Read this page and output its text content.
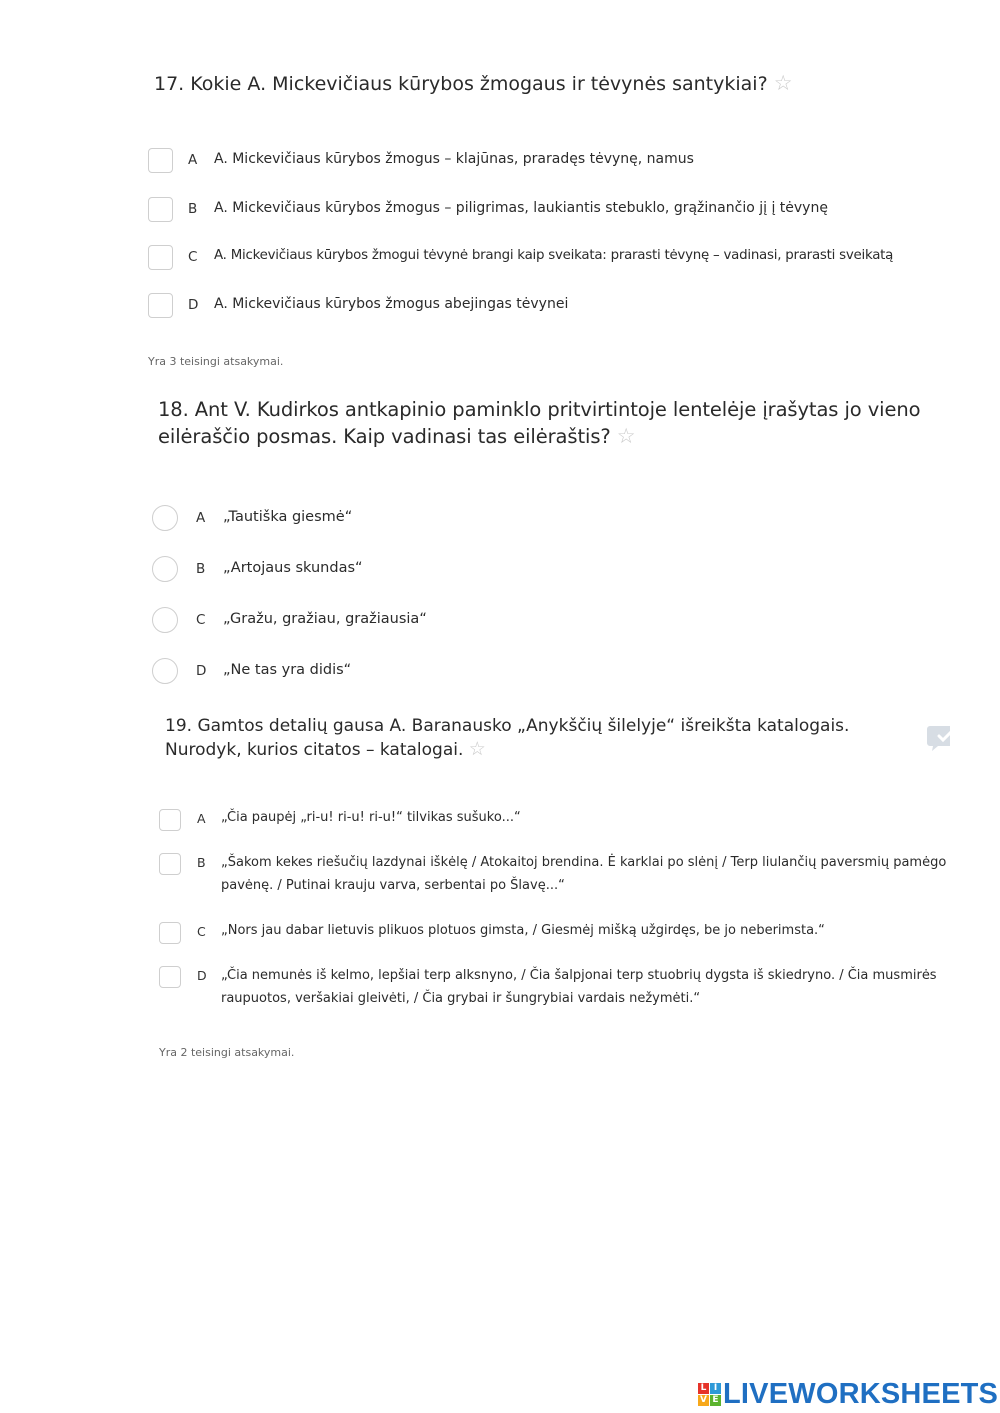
17. Kokie A. Mickevičiaus kūrybos žmogaus ir tėvynės santykiai? ☆
A	A. Mickevičiaus kūrybos žmogus – klajūnas, praradęs tėvynę, namus
B	A. Mickevičiaus kūrybos žmogus – piligrimas, laukiantis stebuklo, grąžinančio jį į tėvynę
C	A. Mickevičiaus kūrybos žmogui tėvynė brangi kaip sveikata: prarasti tėvynę – vadinasi, prarasti sveikatą
D	A. Mickevičiaus kūrybos žmogus abejingas tėvynei
Yra 3 teisingi atsakymai.
18. Ant V. Kudirkos antkapinio paminklo pritvirtintoje lentelėje įrašytas jo vieno
eilėraščio posmas. Kaip vadinasi tas eilėraštis? ☆
A	„Tautiška giesmė“
B	„Artojaus skundas“
C	„Gražu, gražiau, gražiausia“
D	„Ne tas yra didis“
19. Gamtos detalių gausa A. Baranausko „Anykščių šilelyje“ išreikšta katalogais.
Nurodyk, kurios citatos – katalogai. ☆
A	„Čia paupėj „ri-u! ri-u! ri-u!“ tilvikas sušuko...“
B	„Šakom kekes riešučių lazdynai iškėlę / Atokaitoj brendina. Ė karklai po slėnį / Terp liulančių paversmių pamėgo pavėnę. / Putinai krauju varva, serbentai po Šlavę...“
C	„Nors jau dabar lietuvis plikuos plotuos gimsta, / Giesmėj mišką užgirdęs, be jo neberimsta.“
D	„Čia nemunės iš kelmo, lepšiai terp alksnyno, / Čia šalpjonai terp stuobrių dygsta iš skiedryno. / Čia musmirės raupuotos, veršakiai gleivėti, / Čia grybai ir šungrybiai vardais nežymėti.“
Yra 2 teisingi atsakymai.
L I
V E LIVEWORKSHEETS
